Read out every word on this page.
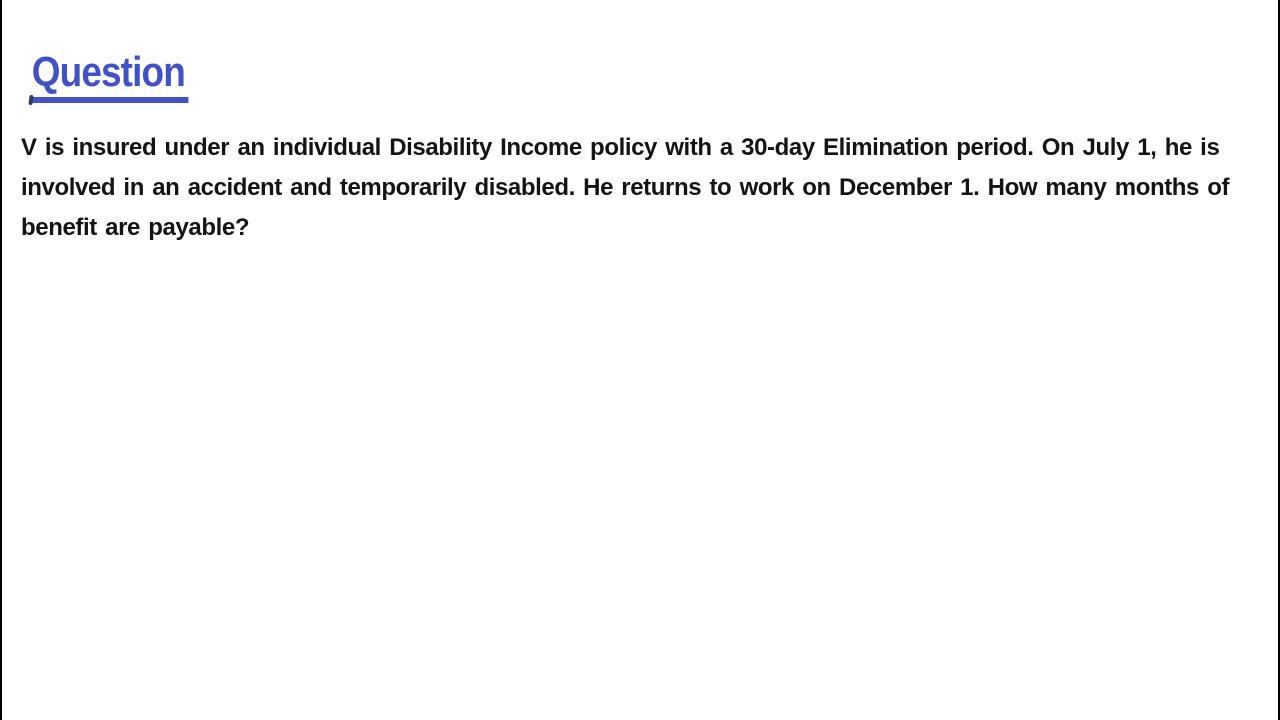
Question

V is insured under an individual Disability Income policy with a 30-day Elimination period. On July 1, he is involved in an accident and temporarily disabled. He returns to work on December 1. How many months of benefit are payable?
